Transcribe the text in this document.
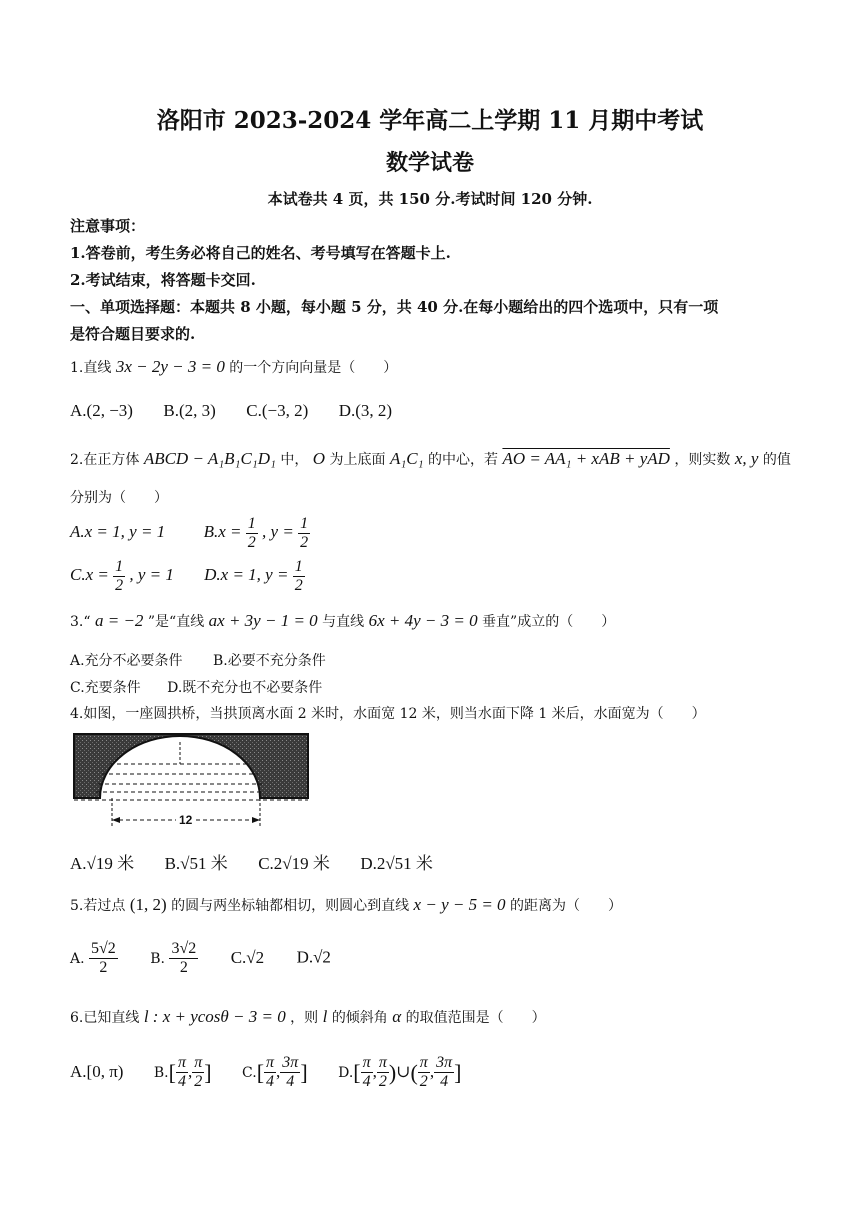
洛阳市 2023-2024 学年高二上学期 11 月期中考试
数学试卷
本试卷共 4 页，共 150 分.考试时间 120 分钟.
注意事项：
1.答卷前，考生务必将自己的姓名、考号填写在答题卡上.
2.考试结束，将答题卡交回.
一、单项选择题：本题共 8 小题，每小题 5 分，共 40 分.在每小题给出的四个选项中，只有一项
是符合题目要求的.
1.直线 3x − 2y − 3 = 0 的一个方向向量是（　　）
A.(2, −3) B.(2, 3) C.(−3, 2) D.(3, 2)
2.在正方体 ABCD − A₁B₁C₁D₁ 中， O 为上底面 A₁C₁ 的中心，若 AO = AA₁ + xAB + yAD ，则实数 x, y 的值
分别为（　　）
A.x = 1, y = 1 $B.x = \frac{1}{2}$ , $y = \frac{1}{2}$
$C.x = \frac{1}{2}$ , y = 1 D.x = 1, $y = \frac{1}{2}$
3.“ a = −2 ”是“直线 ax + 3y − 1 = 0 与直线 6x + 4y − 3 = 0 垂直”成立的（　　）
A.充分不必要条件 B.必要不充分条件
C.充要条件 D.既不充分也不必要条件
4.如图，一座圆拱桥，当拱顶离水面 2 米时，水面宽 12 米，则当水面下降 1 米后，水面宽为（　　）
2
12
A.√19 米 B.√51 米 C.2√19 米 D.2√51 米
5.若过点 (1, 2) 的圆与两坐标轴都相切，则圆心到直线 x − y − 5 = 0 的距离为（　　）
A. $\frac{5√2}{2} B$. $\frac{3√2}{2} C.√2$ D.√2
6.已知直线 l : x + ycosθ − 3 = 0 ，则 l 的倾斜角 α 的取值范围是（　　）
A.[0, π) $B.[ \frac{\pi}{4}$ , $\frac{\pi}{2}$ ] $C.[ \frac{\pi}{4}$ , $\frac{3\pi}{4}$ ] $D.[ \frac{\pi}{4}$ , $\frac{\pi}{2}$ )∪( $\frac{\pi}{2}$ , $\frac{3\pi}{4}$ ]
